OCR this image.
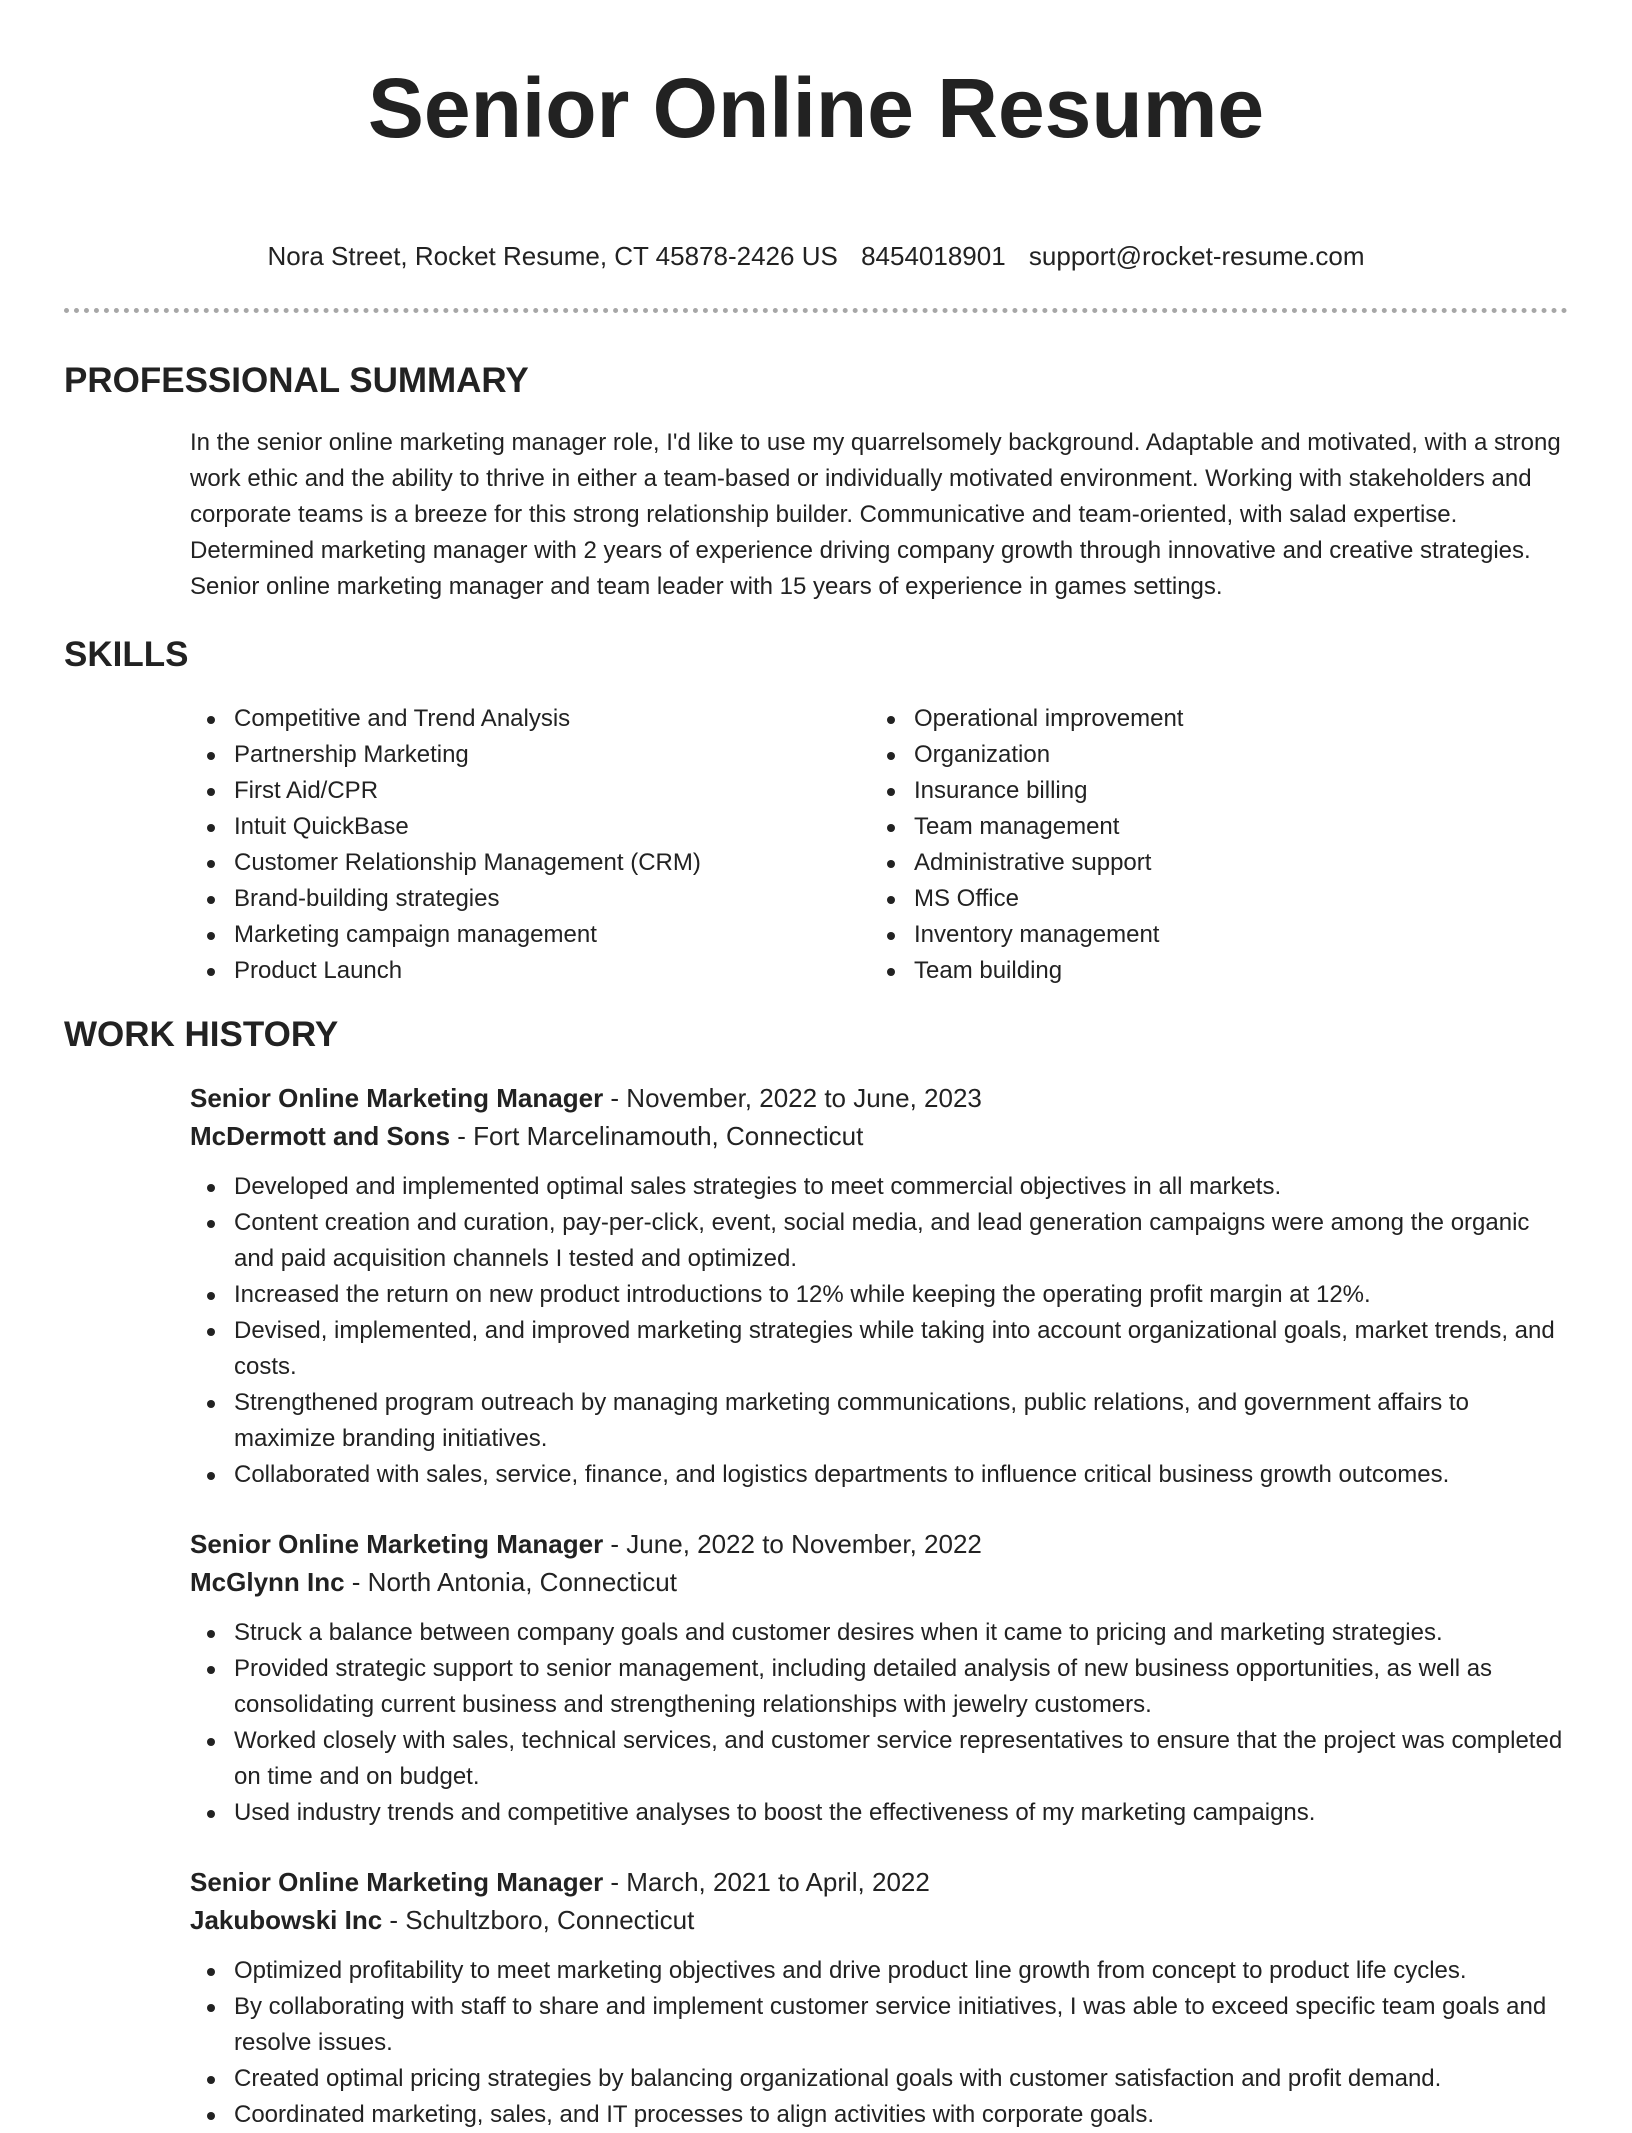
Senior Online Resume
Nora Street, Rocket Resume, CT 45878-2426 US 8454018901 support@rocket-resume.com
PROFESSIONAL SUMMARY

In the senior online marketing manager role, I'd like to use my quarrelsomely background. Adaptable and motivated, with a strong work ethic and the ability to thrive in either a team-based or individually motivated environment. Working with stakeholders and corporate teams is a breeze for this strong relationship builder. Communicative and team-oriented, with salad expertise. Determined marketing manager with 2 years of experience driving company growth through innovative and creative strategies. Senior online marketing manager and team leader with 15 years of experience in games settings.

SKILLS
Competitive and Trend Analysis
Partnership Marketing
First Aid/CPR
Intuit QuickBase
Customer Relationship Management (CRM)
Brand-building strategies
Marketing campaign management
Product Launch
Operational improvement
Organization
Insurance billing
Team management
Administrative support
MS Office
Inventory management
Team building
WORK HISTORY
Senior Online Marketing Manager - November, 2022 to June, 2023
McDermott and Sons - Fort Marcelinamouth, Connecticut
Developed and implemented optimal sales strategies to meet commercial objectives in all markets.
Content creation and curation, pay-per-click, event, social media, and lead generation campaigns were among the organic and paid acquisition channels I tested and optimized.
Increased the return on new product introductions to 12% while keeping the operating profit margin at 12%.
Devised, implemented, and improved marketing strategies while taking into account organizational goals, market trends, and costs.
Strengthened program outreach by managing marketing communications, public relations, and government affairs to maximize branding initiatives.
Collaborated with sales, service, finance, and logistics departments to influence critical business growth outcomes.
Senior Online Marketing Manager - June, 2022 to November, 2022
McGlynn Inc - North Antonia, Connecticut
Struck a balance between company goals and customer desires when it came to pricing and marketing strategies.
Provided strategic support to senior management, including detailed analysis of new business opportunities, as well as consolidating current business and strengthening relationships with jewelry customers.
Worked closely with sales, technical services, and customer service representatives to ensure that the project was completed on time and on budget.
Used industry trends and competitive analyses to boost the effectiveness of my marketing campaigns.
Senior Online Marketing Manager - March, 2021 to April, 2022
Jakubowski Inc - Schultzboro, Connecticut
Optimized profitability to meet marketing objectives and drive product line growth from concept to product life cycles.
By collaborating with staff to share and implement customer service initiatives, I was able to exceed specific team goals and resolve issues.
Created optimal pricing strategies by balancing organizational goals with customer satisfaction and profit demand.
Coordinated marketing, sales, and IT processes to align activities with corporate goals.
